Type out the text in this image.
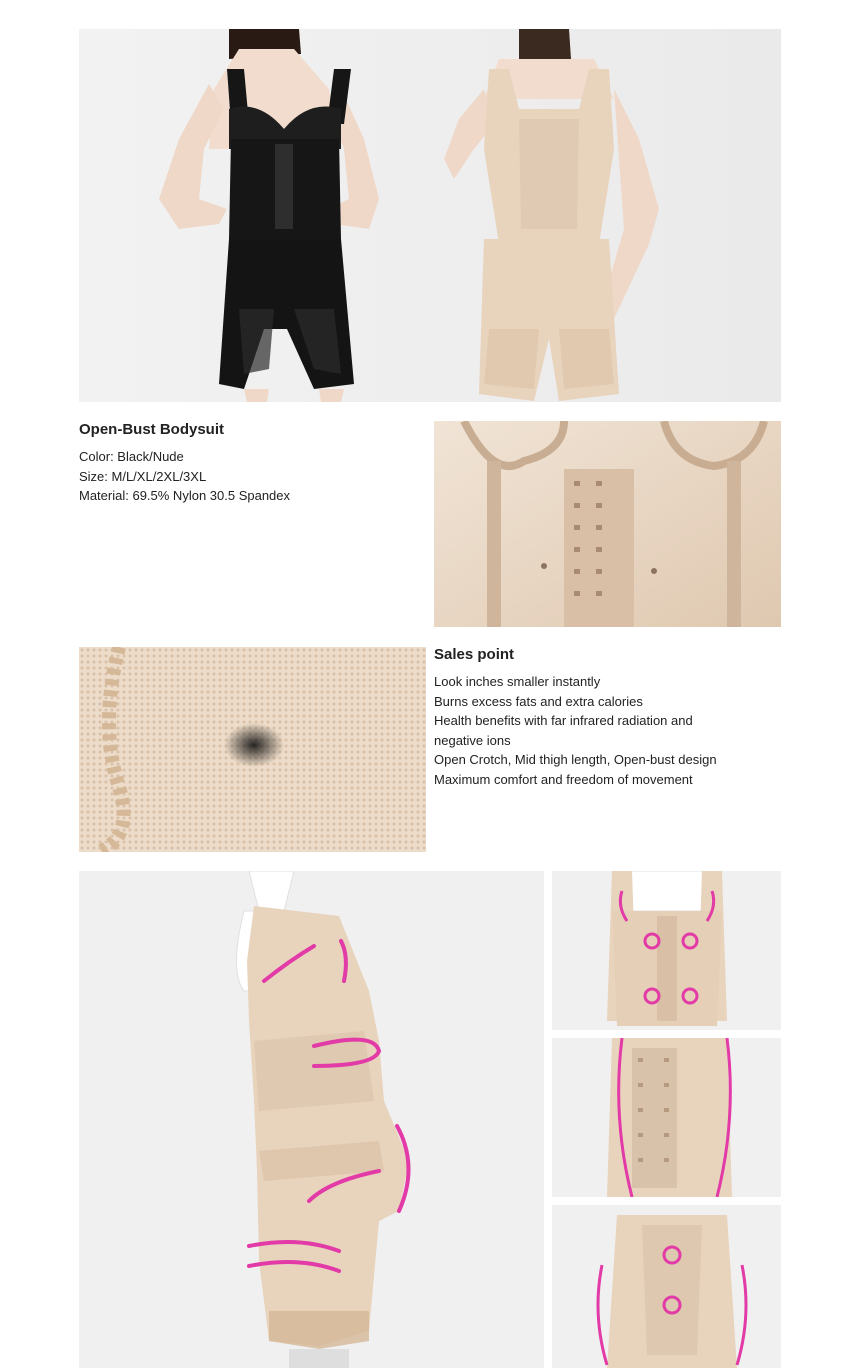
Open-Bust Bodysuit

Color: Black/Nude

Size: M/L/XL/2XL/3XL

Material: 69.5% Nylon 30.5 Spandex

Sales point

Look inches smaller instantly

Burns excess fats and extra calories

Health benefits with far infrared radiation and

negative ions

Open Crotch, Mid thigh length, Open-bust design

Maximum comfort and freedom of movement
